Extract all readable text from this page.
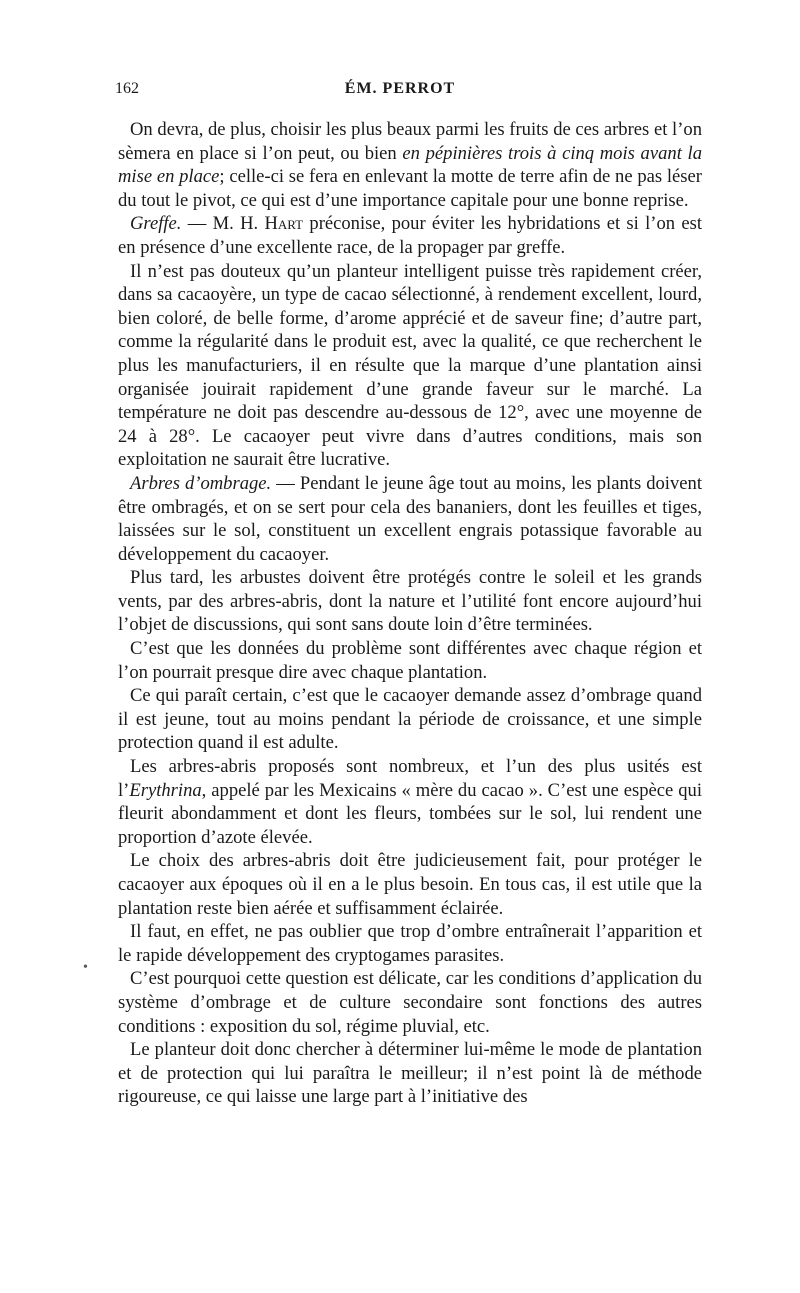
162	ÉM. PERROT
•

On devra, de plus, choisir les plus beaux parmi les fruits de ces arbres et l’on sèmera en place si l’on peut, ou bien en pépinières trois à cinq mois avant la mise en place; celle-ci se fera en enlevant la motte de terre afin de ne pas léser du tout le pivot, ce qui est d’une importance capitale pour une bonne reprise.

Greffe. — M. H. Hart préconise, pour éviter les hybridations et si l’on est en présence d’une excellente race, de la propager par greffe.

Il n’est pas douteux qu’un planteur intelligent puisse très rapidement créer, dans sa cacaoyère, un type de cacao sélectionné, à rendement excellent, lourd, bien coloré, de belle forme, d’arome apprécié et de saveur fine; d’autre part, comme la régularité dans le produit est, avec la qualité, ce que recherchent le plus les manufacturiers, il en résulte que la marque d’une plantation ainsi organisée jouirait rapidement d’une grande faveur sur le marché. La température ne doit pas descendre au-dessous de 12°, avec une moyenne de 24 à 28°. Le cacaoyer peut vivre dans d’autres conditions, mais son exploitation ne saurait être lucrative.

Arbres d’ombrage. — Pendant le jeune âge tout au moins, les plants doivent être ombragés, et on se sert pour cela des bananiers, dont les feuilles et tiges, laissées sur le sol, constituent un excellent engrais potassique favorable au développement du cacaoyer.

Plus tard, les arbustes doivent être protégés contre le soleil et les grands vents, par des arbres-abris, dont la nature et l’utilité font encore aujourd’hui l’objet de discussions, qui sont sans doute loin d’être terminées.

C’est que les données du problème sont différentes avec chaque région et l’on pourrait presque dire avec chaque plantation.

Ce qui paraît certain, c’est que le cacaoyer demande assez d’ombrage quand il est jeune, tout au moins pendant la période de croissance, et une simple protection quand il est adulte.

Les arbres-abris proposés sont nombreux, et l’un des plus usités est l’Erythrina, appelé par les Mexicains « mère du cacao ». C’est une espèce qui fleurit abondamment et dont les fleurs, tombées sur le sol, lui rendent une proportion d’azote élevée.

Le choix des arbres-abris doit être judicieusement fait, pour protéger le cacaoyer aux époques où il en a le plus besoin. En tous cas, il est utile que la plantation reste bien aérée et suffisamment éclairée.

Il faut, en effet, ne pas oublier que trop d’ombre entraînerait l’apparition et le rapide développement des cryptogames parasites.

C’est pourquoi cette question est délicate, car les conditions d’application du système d’ombrage et de culture secondaire sont fonctions des autres conditions : exposition du sol, régime pluvial, etc.

Le planteur doit donc chercher à déterminer lui-même le mode de plantation et de protection qui lui paraîtra le meilleur; il n’est point là de méthode rigoureuse, ce qui laisse une large part à l’initiative des
